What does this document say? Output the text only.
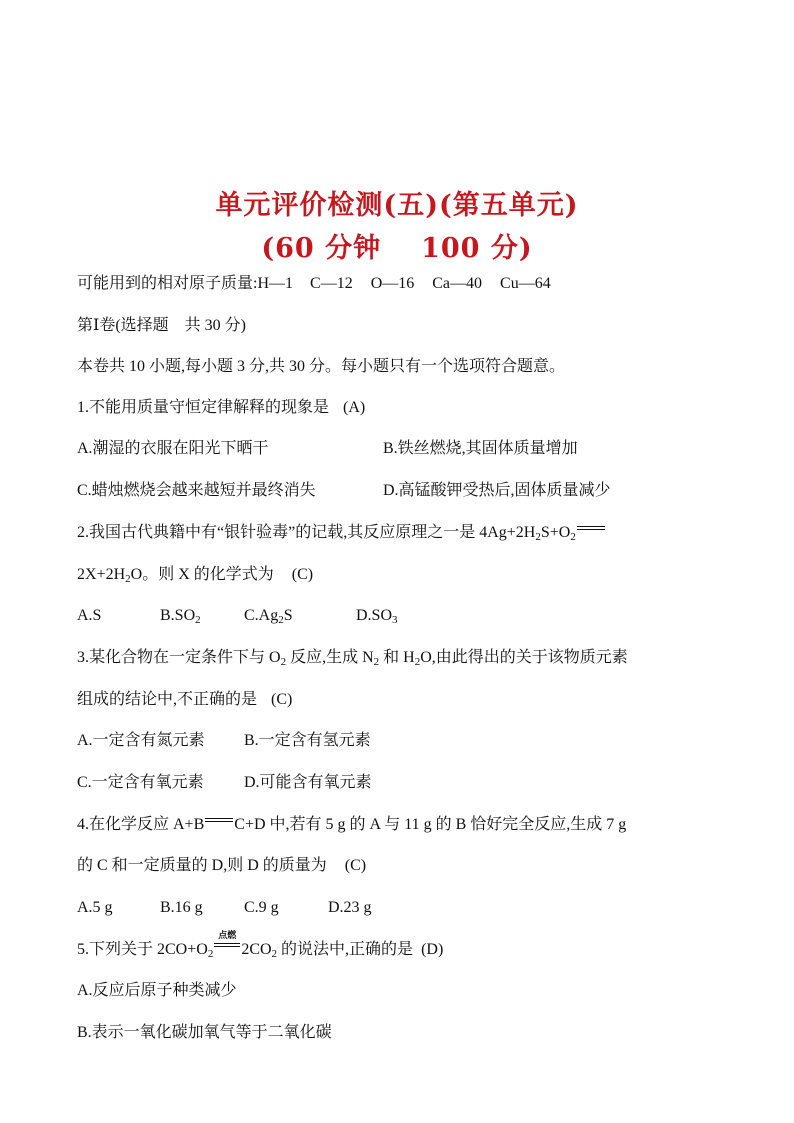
单元评价检测(五)(第五单元)
(60 分钟 100 分)
可能用到的相对原子质量:H—1 C—12 O—16 Ca—40 Cu—64
第Ⅰ卷(选择题　共 30 分)
本卷共 10 小题,每小题 3 分,共 30 分。每小题只有一个选项符合题意。
1.不能用质量守恒定律解释的现象是 (A)
A.潮湿的衣服在阳光下晒干	B.铁丝燃烧,其固体质量增加
C.蜡烛燃烧会越来越短并最终消失	D.高锰酸钾受热后,固体质量减少
2.我国古代典籍中有“银针验毒”的记载,其反应原理之一是 $4Ag+2H_2S+O_2$
$2X+2H_2O$。则 X 的化学式为 (C)
A.S	$B.SO_2$	$C.Ag_2S$	$D.SO_3$
3.某化合物在一定条件下与 $O_2$ 反应,生成 $N_2$ 和 $H_2O$,由此得出的关于该物质元素
组成的结论中,不正确的是 (C)
A.一定含有氮元素 B.一定含有氢元素
C.一定含有氧元素	D.可能含有氧元素
4.在化学反应 A+B C+D 中,若有 5 g 的 A 与 11 g 的 B 恰好完全反应,生成 7 g
的 C 和一定质量的 D,则 D 的质量为 (C)
A.5 g	B.16 g	C.9 g	D.23 g
5.下列关于 $2CO+O_2$
点燃
$2CO_2$ 的说法中,正确的是 (D)
A.反应后原子种类减少
B.表示一氧化碳加氧气等于二氧化碳
